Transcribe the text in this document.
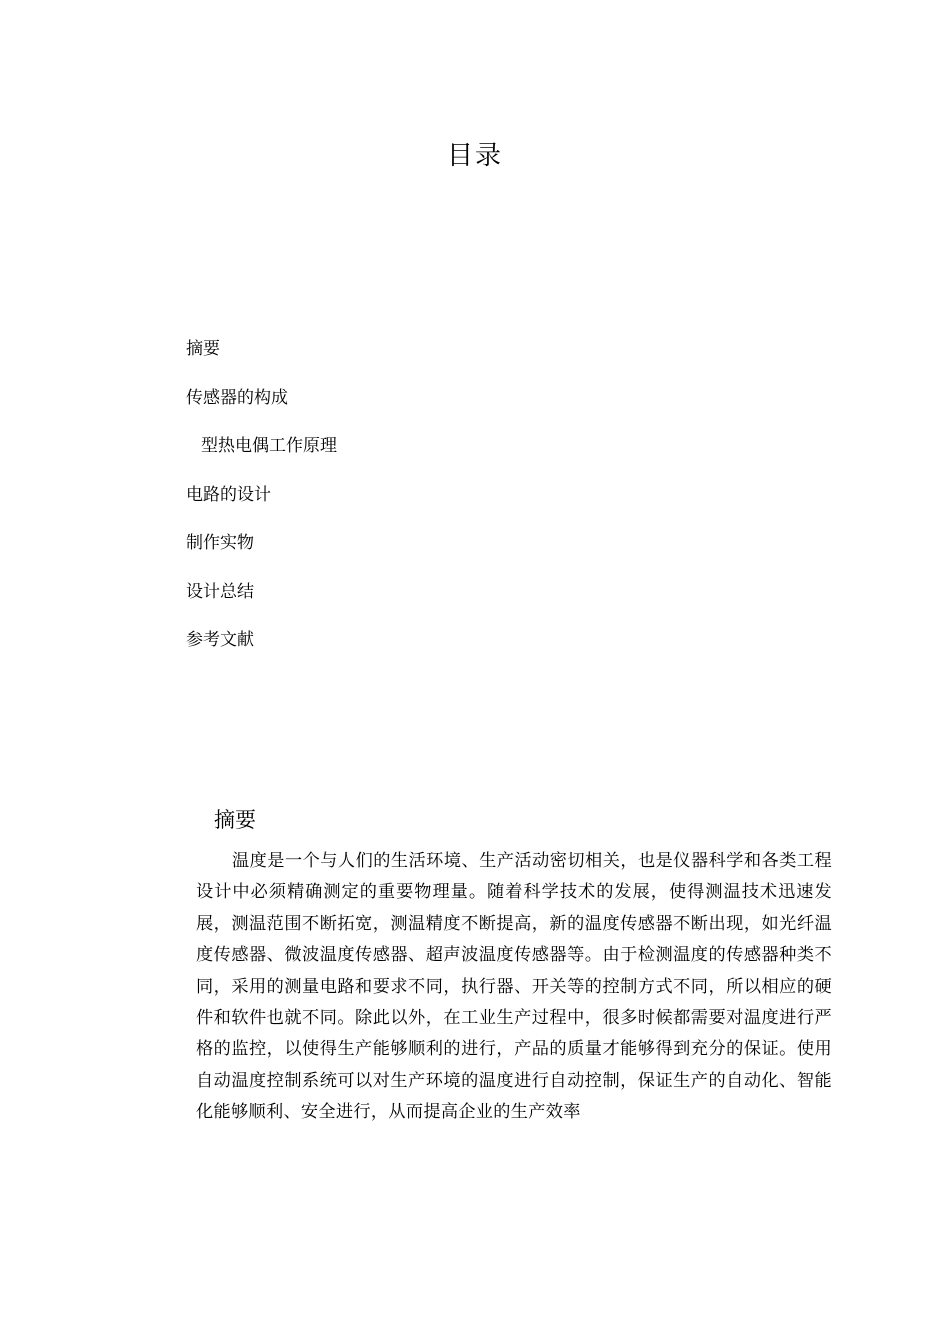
目录
摘要
传感器的构成
型热电偶工作原理
电路的设计
制作实物
设计总结
参考文献
摘要

温度是一个与人们的生活环境、生产活动密切相关，也是仪器科学和各类工程设计中必须精确测定的重要物理量。随着科学技术的发展，使得测温技术迅速发展，测温范围不断拓宽，测温精度不断提高，新的温度传感器不断出现，如光纤温度传感器、微波温度传感器、超声波温度传感器等。由于检测温度的传感器种类不同，采用的测量电路和要求不同，执行器、开关等的控制方式不同，所以相应的硬件和软件也就不同。除此以外，在工业生产过程中，很多时候都需要对温度进行严格的监控，以使得生产能够顺利的进行，产品的质量才能够得到充分的保证。使用自动温度控制系统可以对生产环境的温度进行自动控制，保证生产的自动化、智能化能够顺利、安全进行，从而提高企业的生产效率
